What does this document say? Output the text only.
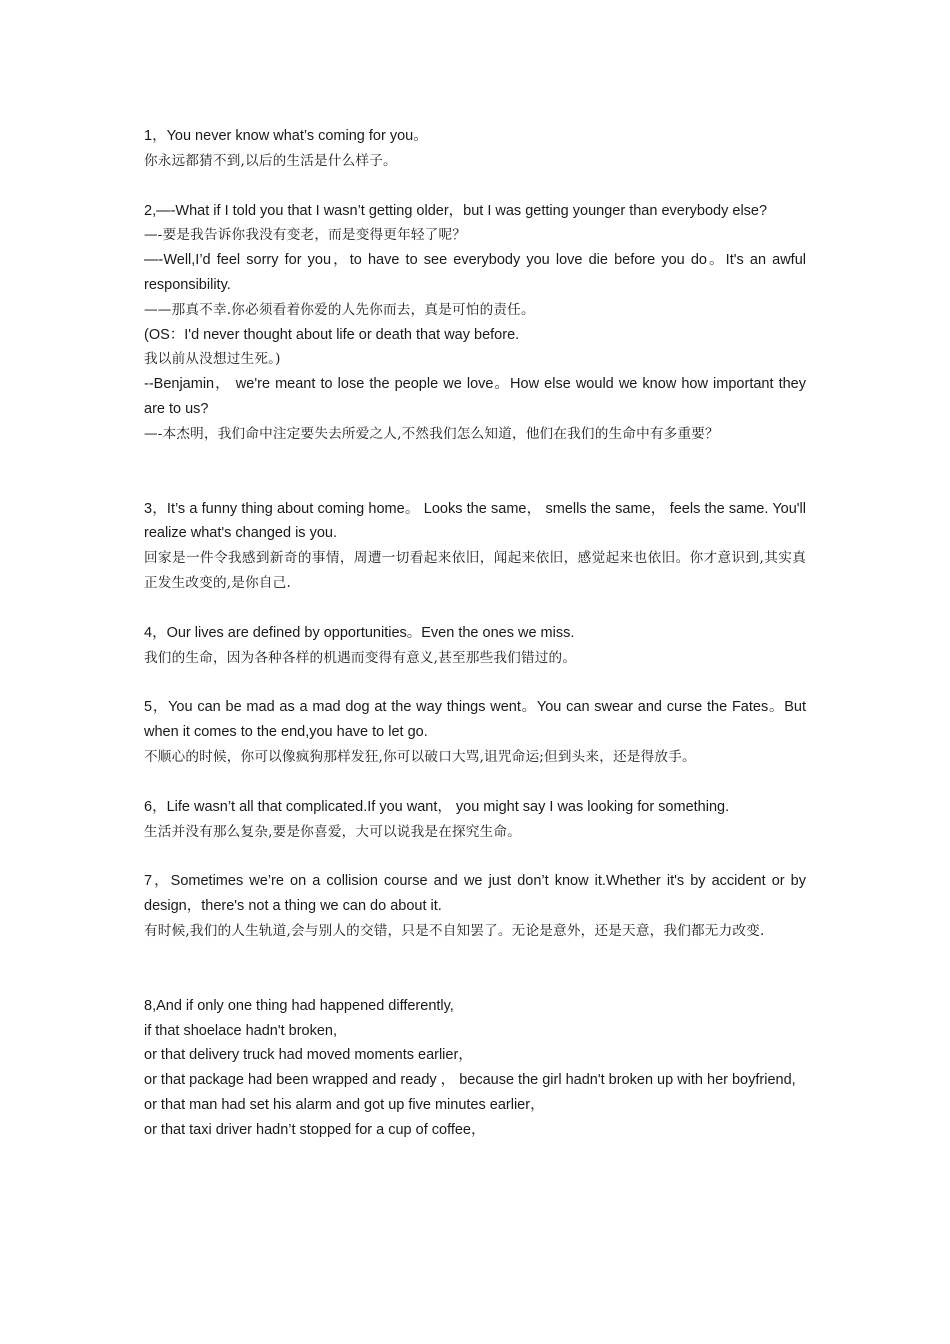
1，You never know what’s coming for you。

你永远都猜不到,以后的生活是什么样子。

2,—-What if I told you that I wasn’t getting older，but I was getting younger than everybody else?

—-要是我告诉你我没有变老，而是变得更年轻了呢？

—-Well,I’d feel sorry for you，to have to see everybody you love die before you do。It's an awful responsibility.

——那真不幸.你必须看着你爱的人先你而去，真是可怕的责任。

(OS：I'd never thought about life or death that way before.

我以前从没想过生死。)

--Benjamin， we're meant to lose the people we love。How else would we know how important they are to us?

—-本杰明，我们命中注定要失去所爱之人,不然我们怎么知道，他们在我们的生命中有多重要？

3，It’s a funny thing about coming home。 Looks the same， smells the same， feels the same. You'll realize what's changed is you.

回家是一件令我感到新奇的事情，周遭一切看起来依旧，闻起来依旧，感觉起来也依旧。你才意识到,其实真正发生改变的,是你自己.

4，Our lives are defined by opportunities。Even the ones we miss.

我们的生命，因为各种各样的机遇而变得有意义,甚至那些我们错过的。

5，You can be mad as a mad dog at the way things went。You can swear and curse the Fates。But when it comes to the end,you have to let go.

不顺心的时候，你可以像疯狗那样发狂,你可以破口大骂,诅咒命运;但到头来，还是得放手。

6，Life wasn’t all that complicated.If you want， you might say I was looking for something.

生活并没有那么复杂,要是你喜爱，大可以说我是在探究生命。

7，Sometimes we’re on a collision course and we just don’t know it.Whether it's by accident or by design，there's not a thing we can do about it.

有时候,我们的人生轨道,会与别人的交错，只是不自知罢了。无论是意外，还是天意，我们都无力改变.

8,And if only one thing had happened differently,

if that shoelace hadn't broken,

or that delivery truck had moved moments earlier，

or that package had been wrapped and ready ， because the girl hadn't broken up with her boyfriend,

or that man had set his alarm and got up five minutes earlier，

or that taxi driver hadn’t stopped for a cup of coffee，
